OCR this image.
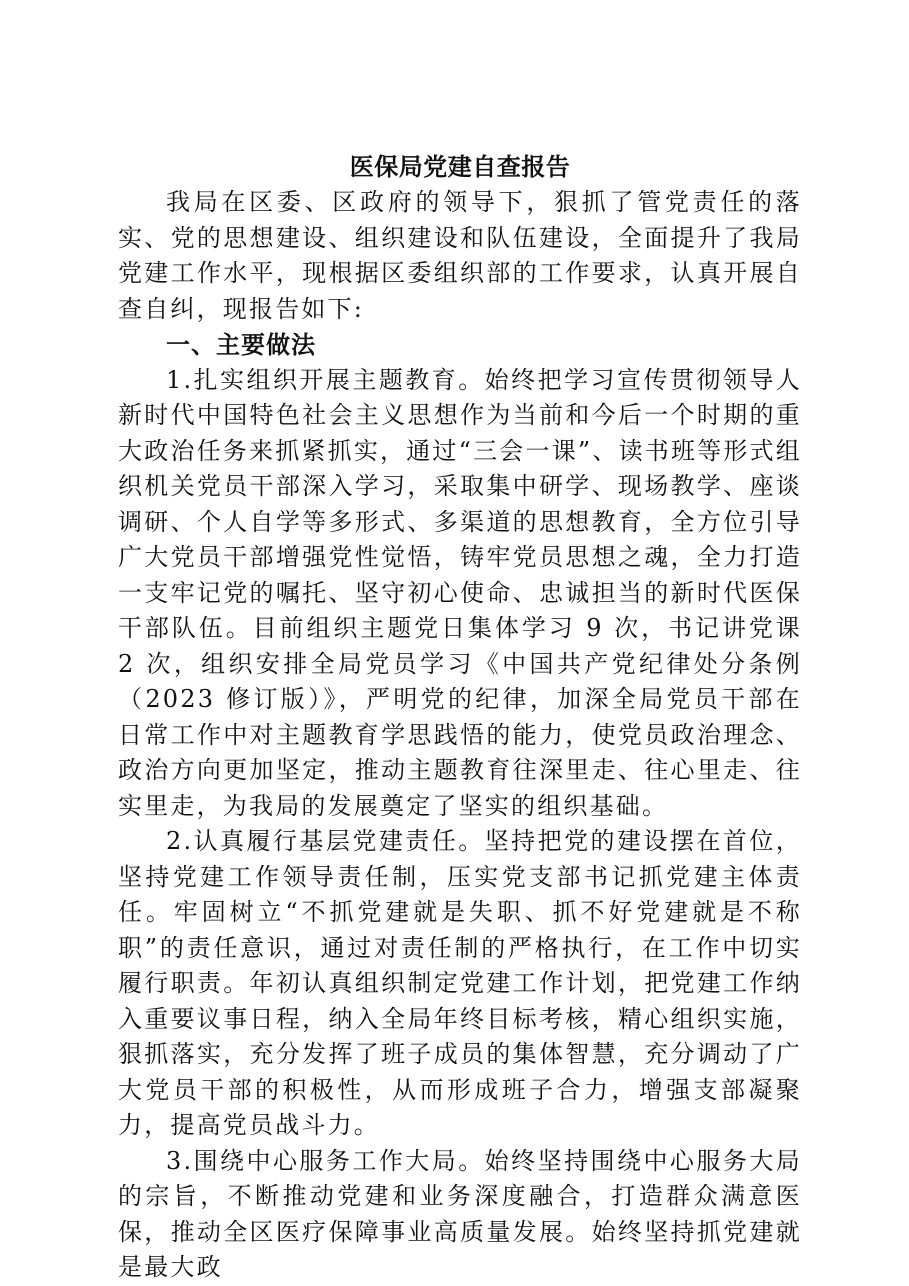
医保局党建自查报告

我局在区委、区政府的领导下，狠抓了管党责任的落实、党的思想建设、组织建设和队伍建设，全面提升了我局党建工作水平，现根据区委组织部的工作要求，认真开展自查自纠，现报告如下:

一、主要做法

1.扎实组织开展主题教育。始终把学习宣传贯彻领导人新时代中国特色社会主义思想作为当前和今后一个时期的重大政治任务来抓紧抓实，通过“三会一课”、读书班等形式组织机关党员干部深入学习，采取集中研学、现场教学、座谈调研、个人自学等多形式、多渠道的思想教育，全方位引导广大党员干部增强党性觉悟，铸牢党员思想之魂，全力打造一支牢记党的嘱托、坚守初心使命、忠诚担当的新时代医保干部队伍。目前组织主题党日集体学习 9 次，书记讲党课 2 次，组织安排全局党员学习《中国共产党纪律处分条例（2023 修订版）》，严明党的纪律，加深全局党员干部在日常工作中对主题教育学思践悟的能力，使党员政治理念、政治方向更加坚定，推动主题教育往深里走、往心里走、往实里走，为我局的发展奠定了坚实的组织基础。

2.认真履行基层党建责任。坚持把党的建设摆在首位，坚持党建工作领导责任制，压实党支部书记抓党建主体责任。牢固树立“不抓党建就是失职、抓不好党建就是不称职”的责任意识，通过对责任制的严格执行，在工作中切实履行职责。年初认真组织制定党建工作计划，把党建工作纳入重要议事日程，纳入全局年终目标考核，精心组织实施，狠抓落实，充分发挥了班子成员的集体智慧，充分调动了广大党员干部的积极性，从而形成班子合力，增强支部凝聚力，提高党员战斗力。

3.围绕中心服务工作大局。始终坚持围绕中心服务大局的宗旨，不断推动党建和业务深度融合，打造群众满意医保，推动全区医疗保障事业高质量发展。始终坚持抓党建就是最大政
